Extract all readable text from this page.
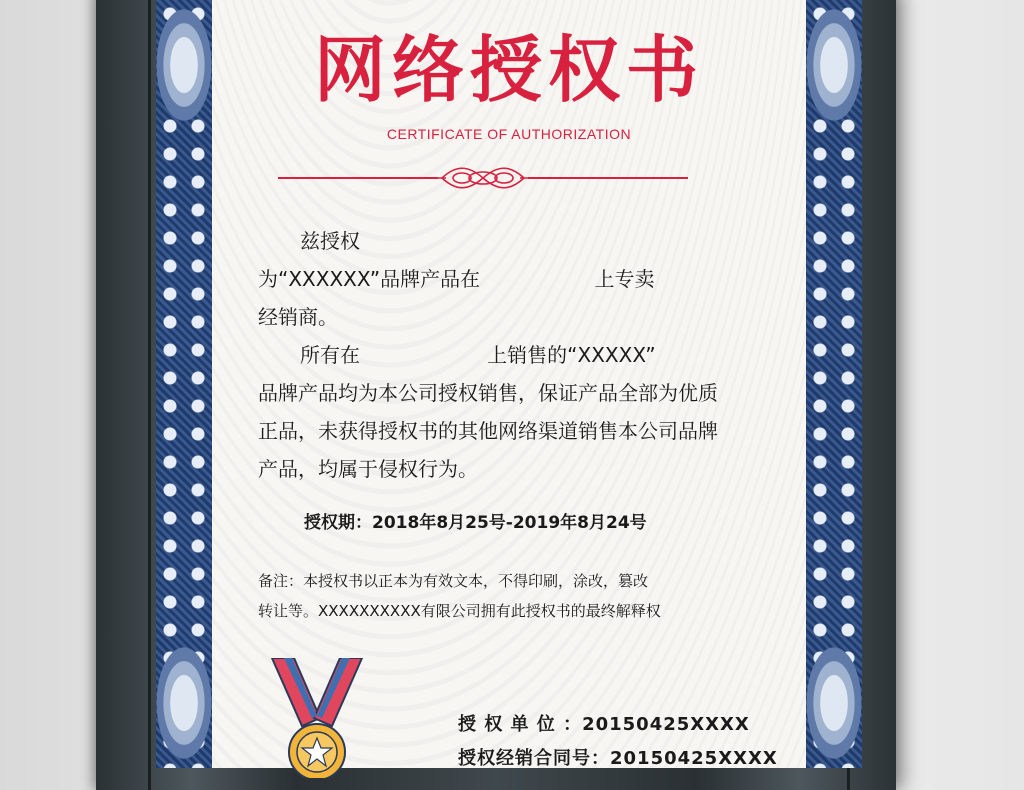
网络授权书
CERTIFICATE OF AUTHORIZATION
兹授权
为“XXXXXX”品牌产品在                  上专卖
经销商。
所有在                    上销售的“XXXXX”
品牌产品均为本公司授权销售，保证产品全部为优质
正品，未获得授权书的其他网络渠道销售本公司品牌
产品，均属于侵权行为。
授权期：2018年8月25号-2019年8月24号
备注：本授权书以正本为有效文本，不得印刷，涂改，篡改
转让等。XXXXXXXXXX有限公司拥有此授权书的最终解释权
授 权 单 位 ：20150425XXXX
授权经销合同号：20150425XXXX
